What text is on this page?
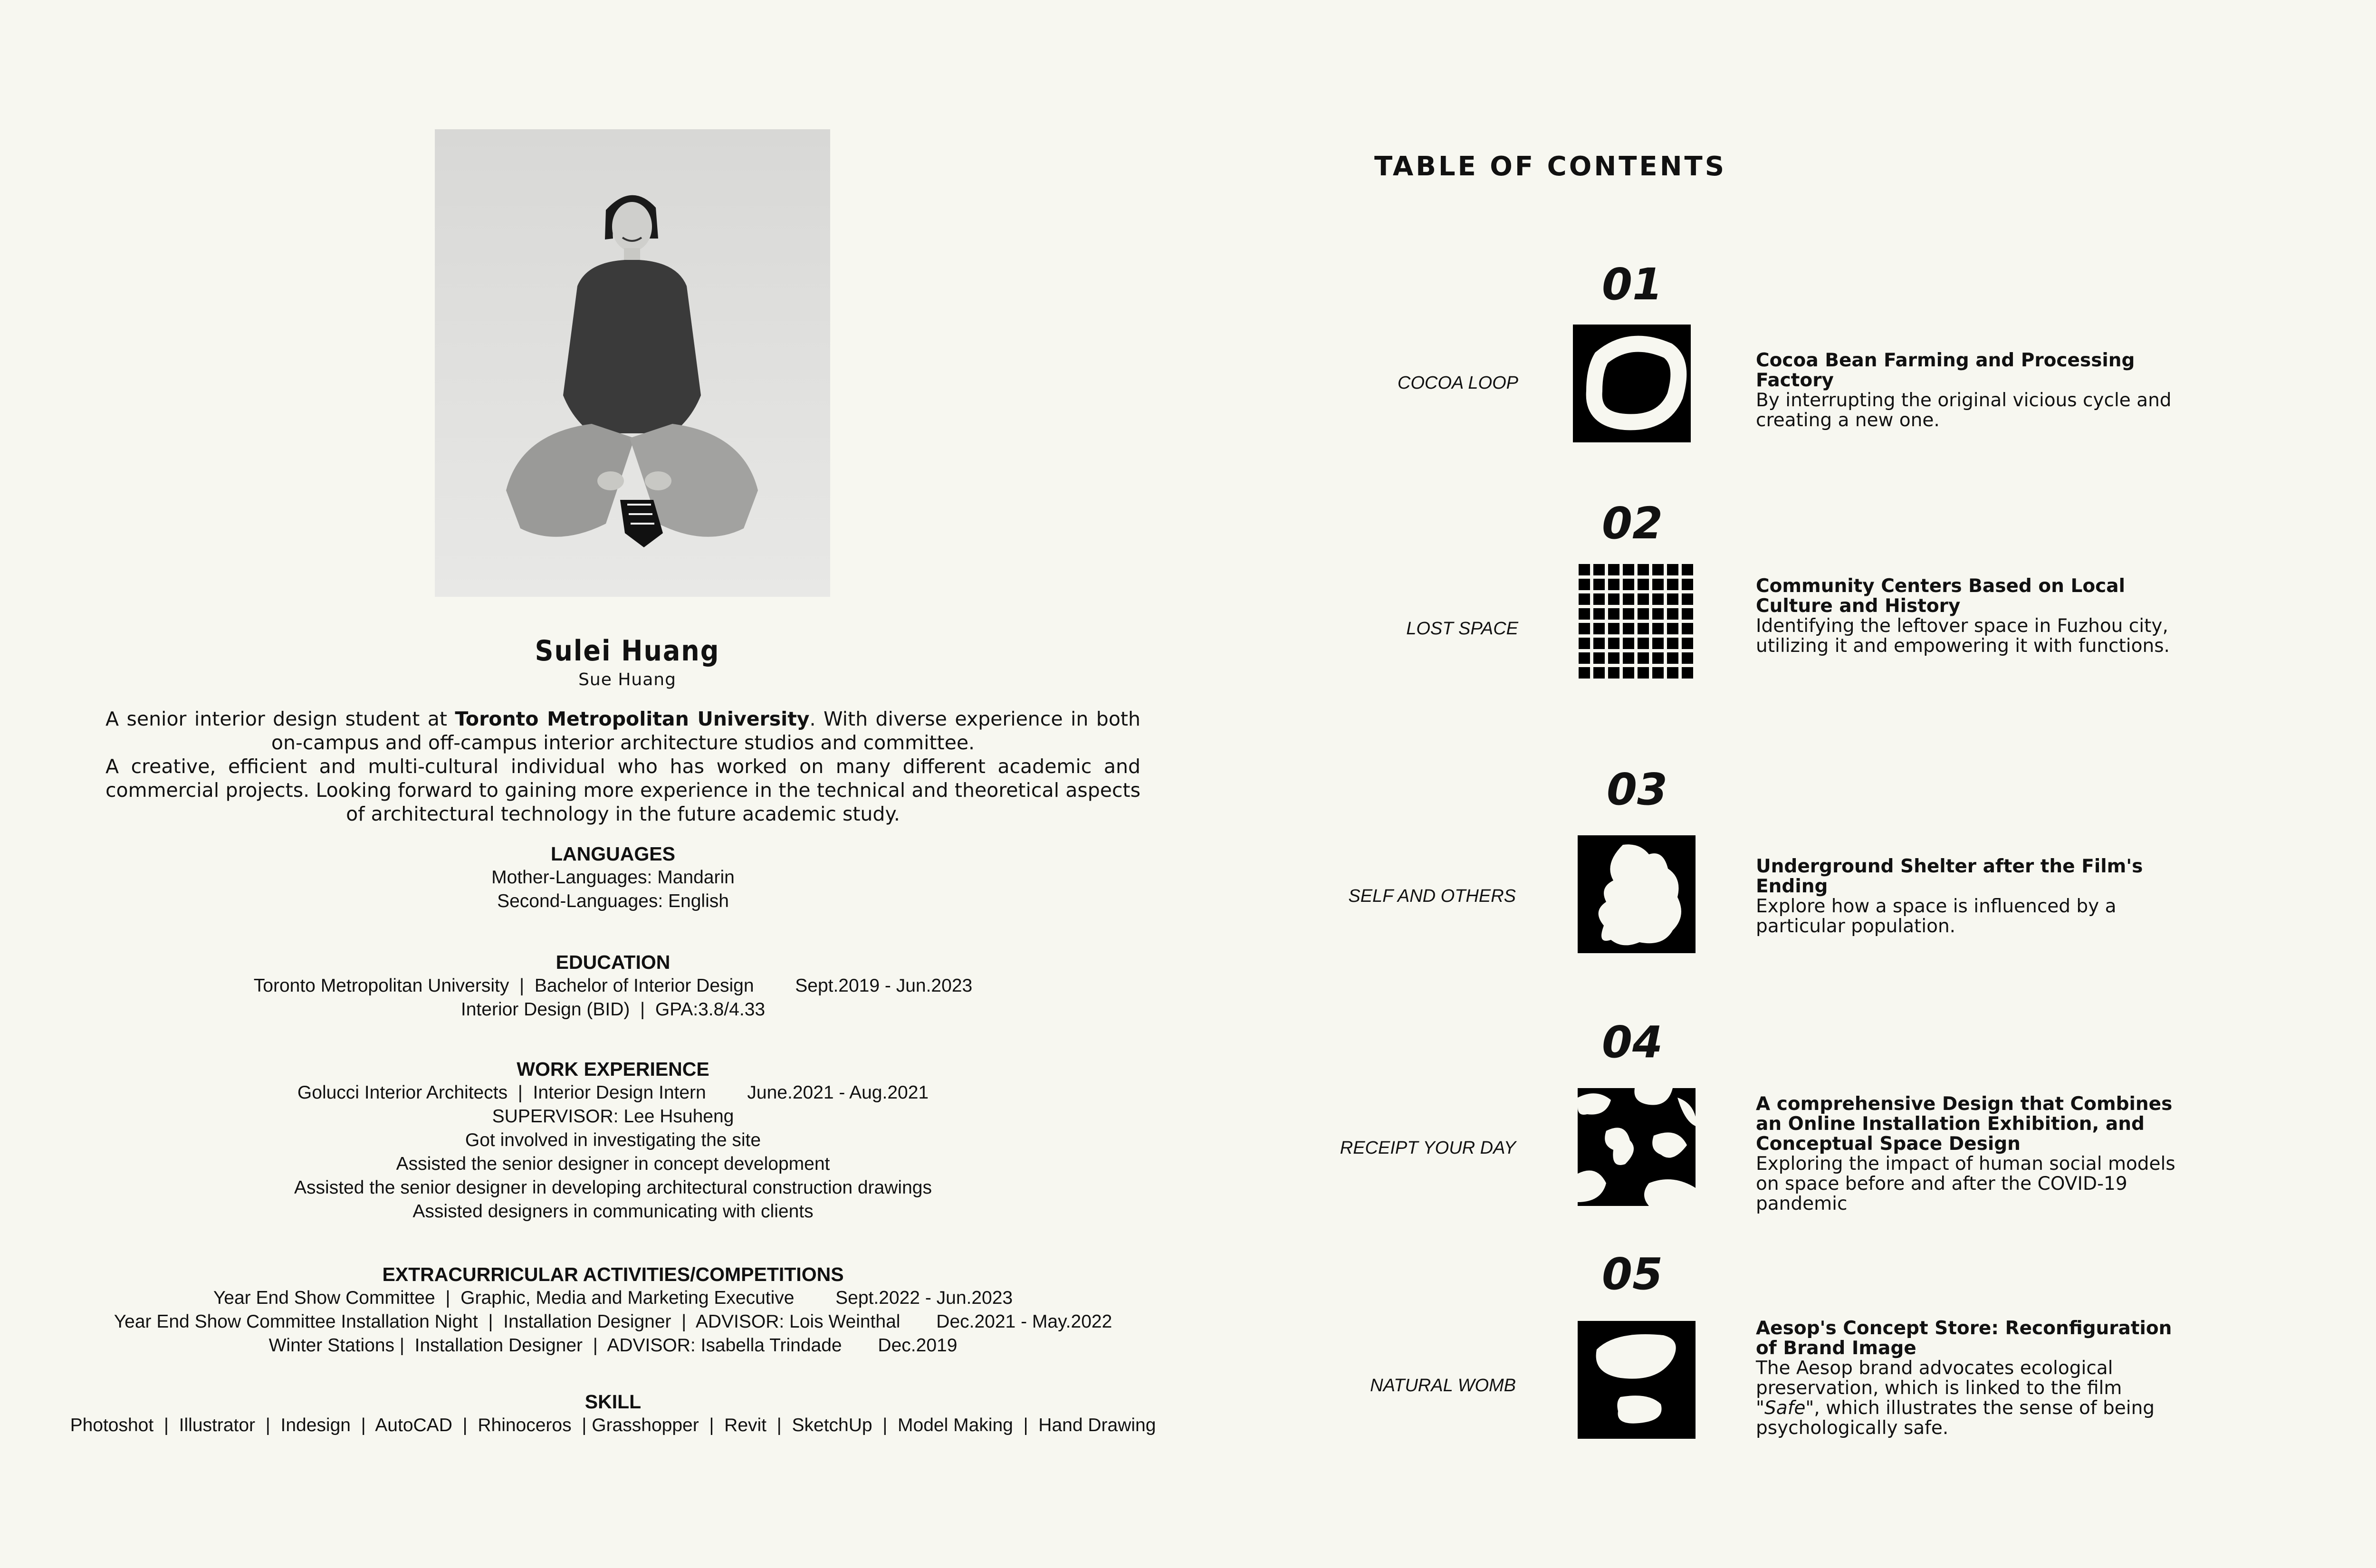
Sulei Huang
Sue Huang

A senior interior design student at Toronto Metropolitan University. With diverse experience in both on-campus and off-campus interior architecture studios and committee.

A creative, efficient and multi-cultural individual who has worked on many different academic and commercial projects. Looking forward to gaining more experience in the technical and theoretical aspects of architectural technology in the future academic study.

LANGUAGES
Mother-Languages: Mandarin
Second-Languages: English
EDUCATION
Toronto Metropolitan University  |  Bachelor of Interior Design        Sept.2019 - Jun.2023
Interior Design (BID)  |  GPA:3.8/4.33
WORK EXPERIENCE
Golucci Interior Architects  |  Interior Design Intern        June.2021 - Aug.2021
SUPERVISOR: Lee Hsuheng
Got involved in investigating the site
Assisted the senior designer in concept development
Assisted the senior designer in developing architectural construction drawings
Assisted designers in communicating with clients
EXTRACURRICULAR ACTIVITIES/COMPETITIONS
Year End Show Committee  |  Graphic, Media and Marketing Executive        Sept.2022 - Jun.2023
Year End Show Committee Installation Night  |  Installation Designer  |  ADVISOR: Lois Weinthal       Dec.2021 - May.2022
Winter Stations |  Installation Designer  |  ADVISOR: Isabella Trindade       Dec.2019
SKILL
Photoshot  |  Illustrator  |  Indesign  |  AutoCAD  |  Rhinoceros  | Grasshopper  |  Revit  |  SketchUp  |  Model Making  |  Hand Drawing
TABLE OF CONTENTS
01
COCOA LOOP
Cocoa Bean Farming and Processing Factory
By interrupting the original vicious cycle and creating a new one.
02
LOST SPACE
Community Centers Based on Local Culture and History
Identifying the leftover space in Fuzhou city, utilizing it and empowering it with functions.
03
SELF AND OTHERS
Underground Shelter after the Film's Ending
Explore how a space is influenced by a particular population.
04
RECEIPT YOUR DAY
A comprehensive Design that Combines an Online Installation Exhibition, and Conceptual Space Design
Exploring the impact of human social models on space before and after the COVID-19 pandemic
05
NATURAL WOMB
Aesop's Concept Store: Reconfiguration of Brand Image
The Aesop brand advocates ecological preservation, which is linked to the film "Safe", which illustrates the sense of being psychologically safe.
